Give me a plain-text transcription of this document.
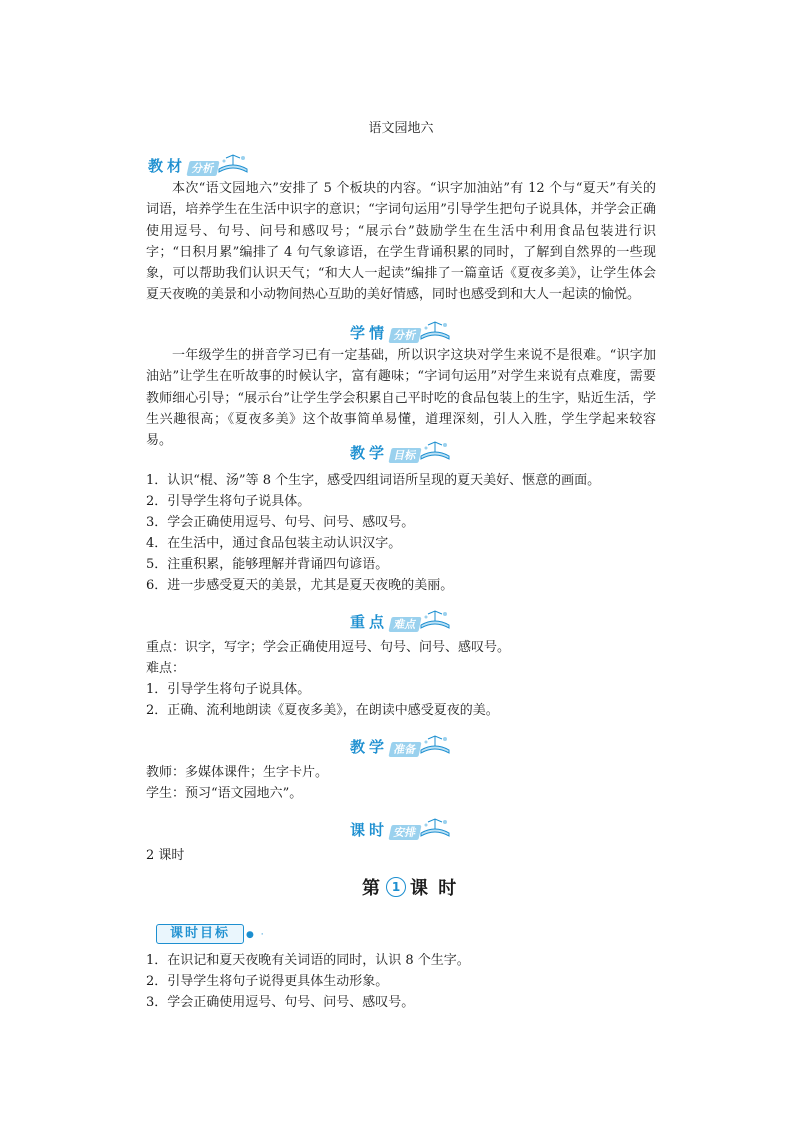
语文园地六
教材 分析

本次“语文园地六”安排了 5 个板块的内容。“识字加油站”有 12 个与“夏天”有关的词语，培养学生在生活中识字的意识；“字词句运用”引导学生把句子说具体，并学会正确使用逗号、句号、问号和感叹号；“展示台”鼓励学生在生活中利用食品包装进行识字；“日积月累”编排了 4 句气象谚语，在学生背诵积累的同时，了解到自然界的一些现象，可以帮助我们认识天气；“和大人一起读”编排了一篇童话《夏夜多美》，让学生体会夏天夜晚的美景和小动物间热心互助的美好情感，同时也感受到和大人一起读的愉悦。

学情 分析

一年级学生的拼音学习已有一定基础，所以识字这块对学生来说不是很难。“识字加油站”让学生在听故事的时候认字，富有趣味；“字词句运用”对学生来说有点难度，需要教师细心引导；“展示台”让学生学会积累自己平时吃的食品包装上的生字，贴近生活，学生兴趣很高；《夏夜多美》这个故事简单易懂，道理深刻，引人入胜，学生学起来较容易。

教学 目标
1．认识“棍、汤”等 8 个生字，感受四组词语所呈现的夏天美好、惬意的画面。
2．引导学生将句子说具体。
3．学会正确使用逗号、句号、问号、感叹号。
4．在生活中，通过食品包装主动认识汉字。
5．注重积累，能够理解并背诵四句谚语。
6．进一步感受夏天的美景，尤其是夏天夜晚的美丽。
重点 难点
重点：识字，写字；学会正确使用逗号、句号、问号、感叹号。
难点：
1．引导学生将句子说具体。
2．正确、流利地朗读《夏夜多美》，在朗读中感受夏夜的美。
教学 准备
教师：多媒体课件；生字卡片。
学生：预习“语文园地六”。
课时 安排
2 课时
第 1 课 时
课时目标	● ·
1．在识记和夏天夜晚有关词语的同时，认识 8 个生字。
2．引导学生将句子说得更具体生动形象。
3．学会正确使用逗号、句号、问号、感叹号。
